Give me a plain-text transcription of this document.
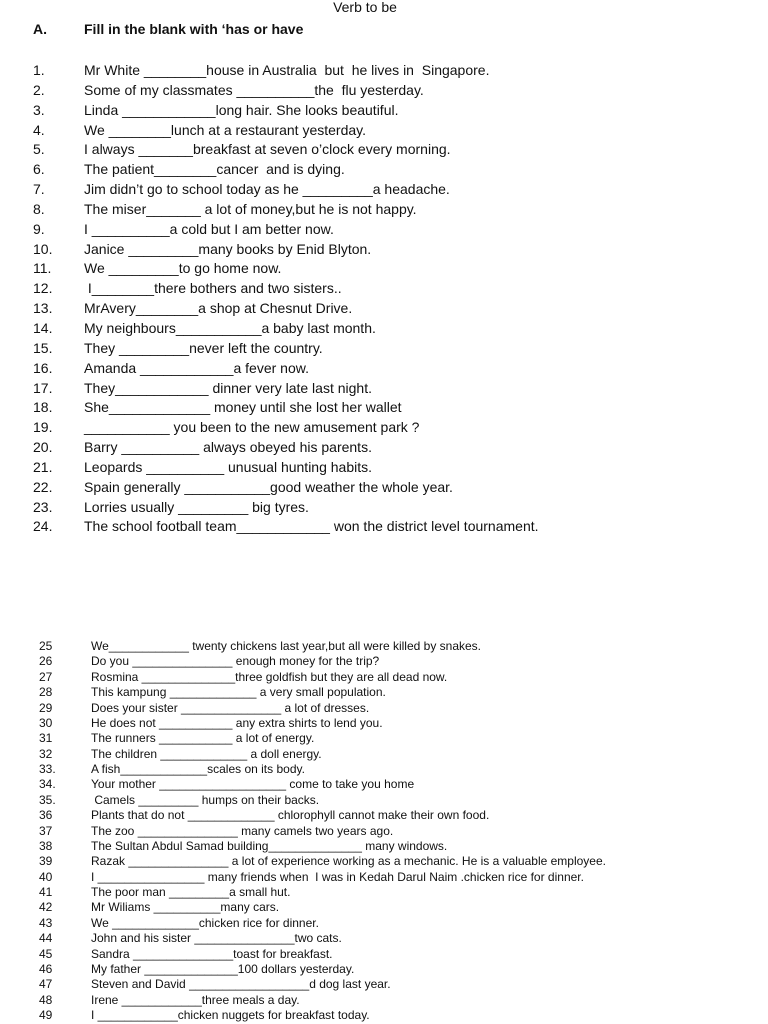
Verb to be
A.	Fill in the blank with ‘has or have
1.	Mr White ________house in Australia  but  he lives in  Singapore.
2.	Some of my classmates __________the  flu yesterday.
3.	Linda ____________long hair. She looks beautiful.
4.	We ________lunch at a restaurant yesterday.
5.	I always _______breakfast at seven o’clock every morning.
6.	The patient________cancer  and is dying.
7.	Jim didn’t go to school today as he _________a headache.
8.	The miser_______ a lot of money,but he is not happy.
9.	I __________a cold but I am better now.
10. Janice _________many books by Enid Blyton.
11. We _________to go home now.
12. I________there bothers and two sisters..
13. MrAvery________a shop at Chesnut Drive.
14. My neighbours___________a baby last month.
15. They _________never left the country.
16. Amanda ____________a fever now.
17. They____________ dinner very late last night.
18. She_____________ money until she lost her wallet
19. ___________ you been to the new amusement park ?
20. Barry __________ always obeyed his parents.
21. Leopards __________ unusual hunting habits.
22. Spain generally ___________good weather the whole year.
23. Lorries usually _________ big tyres.
24. The school football team____________ won the district level tournament.
25	We____________ twenty chickens last year,but all were killed by snakes.
26	Do you _______________ enough money for the trip?
27	Rosmina ______________three goldfish but they are all dead now.
28	This kampung _____________ a very small population.
29	Does your sister _______________ a lot of dresses.
30	He does not ___________ any extra shirts to lend you.
31	The runners ___________ a lot of energy.
32	The children _____________ a doll energy.
33.	A fish_____________scales on its body.
34.	Your mother ___________________ come to take you home
35.	Camels _________ humps on their backs.
36	Plants that do not _____________ chlorophyll cannot make their own food.
37	The zoo _______________ many camels two years ago.
38	The Sultan Abdul Samad building______________ many windows.
39	Razak _______________ a lot of experience working as a mechanic. He is a valuable employee.
40	I ________________ many friends when  I was in Kedah Darul Naim .chicken rice for dinner.
41	The poor man _________a small hut.
42	Mr Wiliams __________many cars.
43	We _____________chicken rice for dinner.
44	John and his sister _______________two cats.
45	Sandra _______________toast for breakfast.
46	My father ______________100 dollars yesterday.
47	Steven and David __________________d dog last year.
48	Irene ____________three meals a day.
49	I ____________chicken nuggets for breakfast today.
